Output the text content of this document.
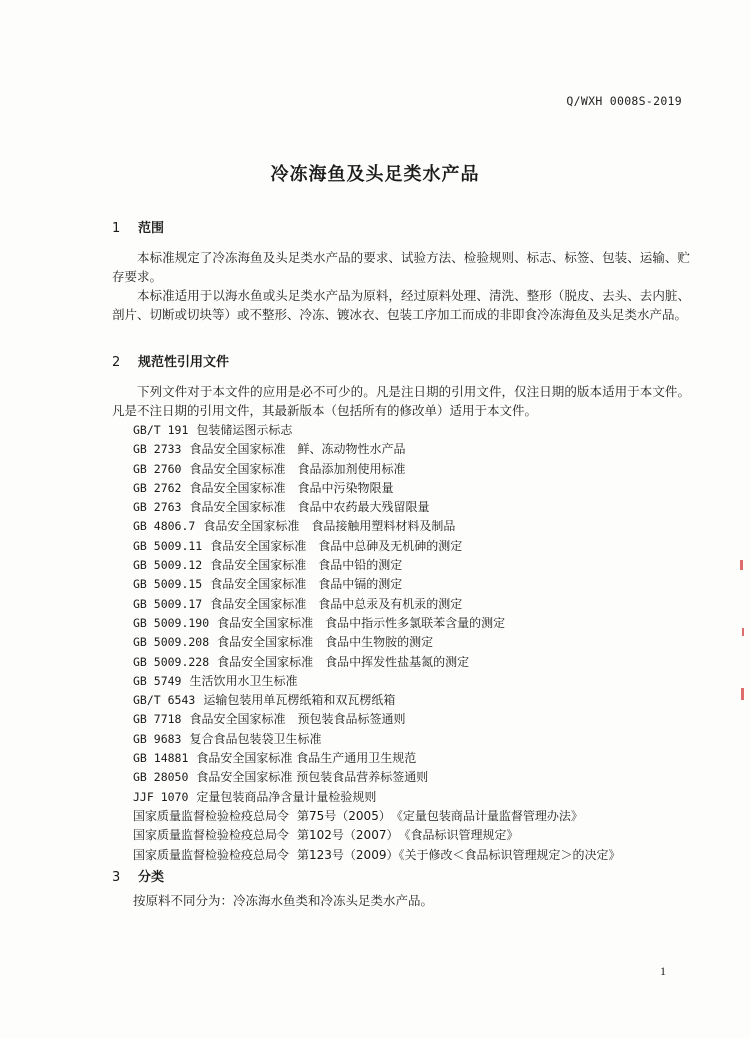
Q/WXH 0008S-2019
冷冻海鱼及头足类水产品
1 范围
本标准规定了冷冻海鱼及头足类水产品的要求、试验方法、检验规则、标志、标签、包装、运输、贮存要求。
本标准适用于以海水鱼或头足类水产品为原料，经过原料处理、清洗、整形（脱皮、去头、去内脏、剖片、切断或切块等）或不整形、冷冻、镀冰衣、包装工序加工而成的非即食冷冻海鱼及头足类水产品。
2 规范性引用文件
下列文件对于本文件的应用是必不可少的。凡是注日期的引用文件，仅注日期的版本适用于本文件。凡是不注日期的引用文件，其最新版本（包括所有的修改单）适用于本文件。
GB/T 191 包装储运图示标志
GB 2733 食品安全国家标准　鲜、冻动物性水产品
GB 2760 食品安全国家标准　食品添加剂使用标准
GB 2762 食品安全国家标准　食品中污染物限量
GB 2763 食品安全国家标准　食品中农药最大残留限量
GB 4806.7 食品安全国家标准　食品接触用塑料材料及制品
GB 5009.11 食品安全国家标准　食品中总砷及无机砷的测定
GB 5009.12 食品安全国家标准　食品中铅的测定
GB 5009.15 食品安全国家标准　食品中镉的测定
GB 5009.17 食品安全国家标准　食品中总汞及有机汞的测定
GB 5009.190 食品安全国家标准　食品中指示性多氯联苯含量的测定
GB 5009.208 食品安全国家标准　食品中生物胺的测定
GB 5009.228 食品安全国家标准　食品中挥发性盐基氮的测定
GB 5749 生活饮用水卫生标准
GB/T 6543 运输包装用单瓦楞纸箱和双瓦楞纸箱
GB 7718 食品安全国家标准　预包装食品标签通则
GB 9683 复合食品包装袋卫生标准
GB 14881 食品安全国家标准 食品生产通用卫生规范
GB 28050 食品安全国家标准 预包装食品营养标签通则
JJF 1070 定量包装商品净含量计量检验规则
国家质量监督检验检疫总局令 第75号（2005）　《定量包装商品计量监督管理办法》
国家质量监督检验检疫总局令 第102号（2007）　《食品标识管理规定》
国家质量监督检验检疫总局令 第123号（2009）《关于修改＜食品标识管理规定＞的决定》
3 分类
按原料不同分为：冷冻海水鱼类和冷冻头足类水产品。
1
